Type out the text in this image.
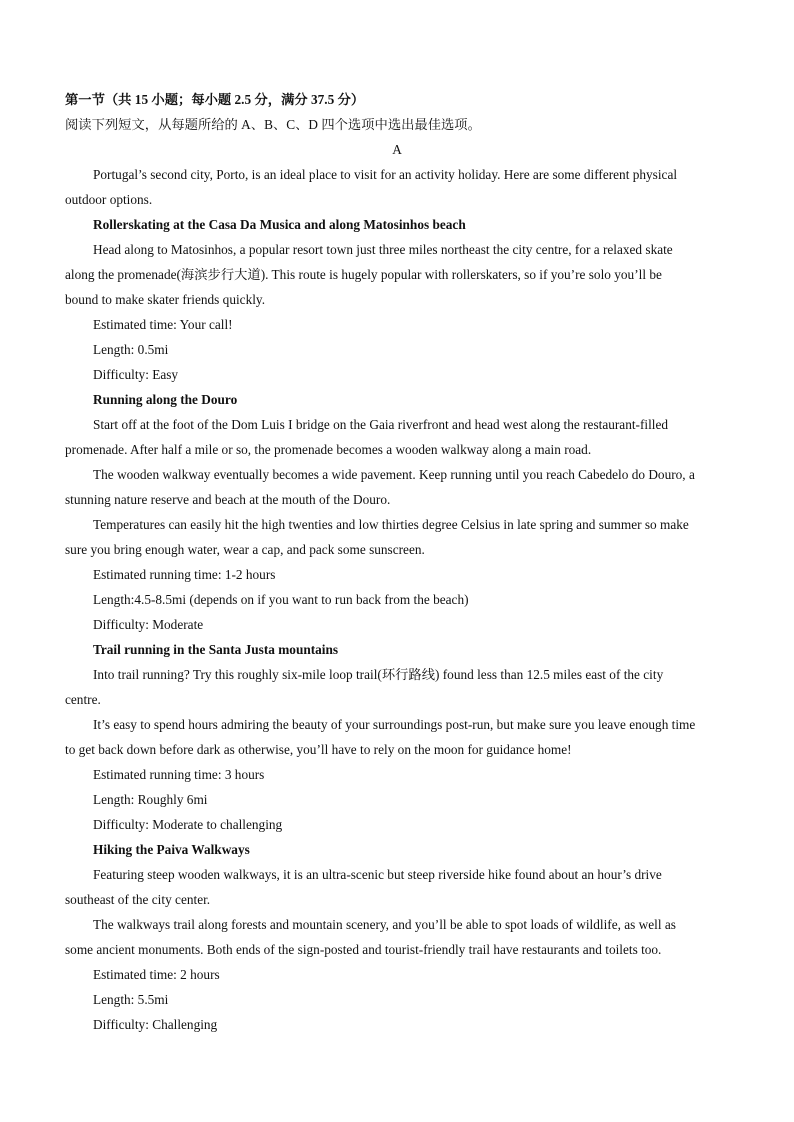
第一节（共 15 小题；每小题 2.5 分，满分 37.5 分）
阅读下列短文，从每题所给的 A、B、C、D 四个选项中选出最佳选项。
A
Portugal’s second city, Porto, is an ideal place to visit for an activity holiday. Here are some different physical
outdoor options.
Rollerskating at the Casa Da Musica and along Matosinhos beach
Head along to Matosinhos, a popular resort town just three miles northeast the city centre, for a relaxed skate
along the promenade(海滨步行大道). This route is hugely popular with rollerskaters, so if you’re solo you’ll be
bound to make skater friends quickly.
Estimated time: Your call!
Length: 0.5mi
Difficulty: Easy
Running along the Douro
Start off at the foot of the Dom Luis I bridge on the Gaia riverfront and head west along the restaurant-filled
promenade. After half a mile or so, the promenade becomes a wooden walkway along a main road.
The wooden walkway eventually becomes a wide pavement. Keep running until you reach Cabedelo do Douro, a
stunning nature reserve and beach at the mouth of the Douro.
Temperatures can easily hit the high twenties and low thirties degree Celsius in late spring and summer so make
sure you bring enough water, wear a cap, and pack some sunscreen.
Estimated running time: 1-2 hours
Length:4.5-8.5mi (depends on if you want to run back from the beach)
Difficulty: Moderate
Trail running in the Santa Justa mountains
Into trail running? Try this roughly six-mile loop trail(环行路线) found less than 12.5 miles east of the city
centre.
It’s easy to spend hours admiring the beauty of your surroundings post-run, but make sure you leave enough time
to get back down before dark as otherwise, you’ll have to rely on the moon for guidance home!
Estimated running time: 3 hours
Length: Roughly 6mi
Difficulty: Moderate to challenging
Hiking the Paiva Walkways
Featuring steep wooden walkways, it is an ultra-scenic but steep riverside hike found about an hour’s drive
southeast of the city center.
The walkways trail along forests and mountain scenery, and you’ll be able to spot loads of wildlife, as well as
some ancient monuments. Both ends of the sign-posted and tourist-friendly trail have restaurants and toilets too.
Estimated time: 2 hours
Length: 5.5mi
Difficulty: Challenging
